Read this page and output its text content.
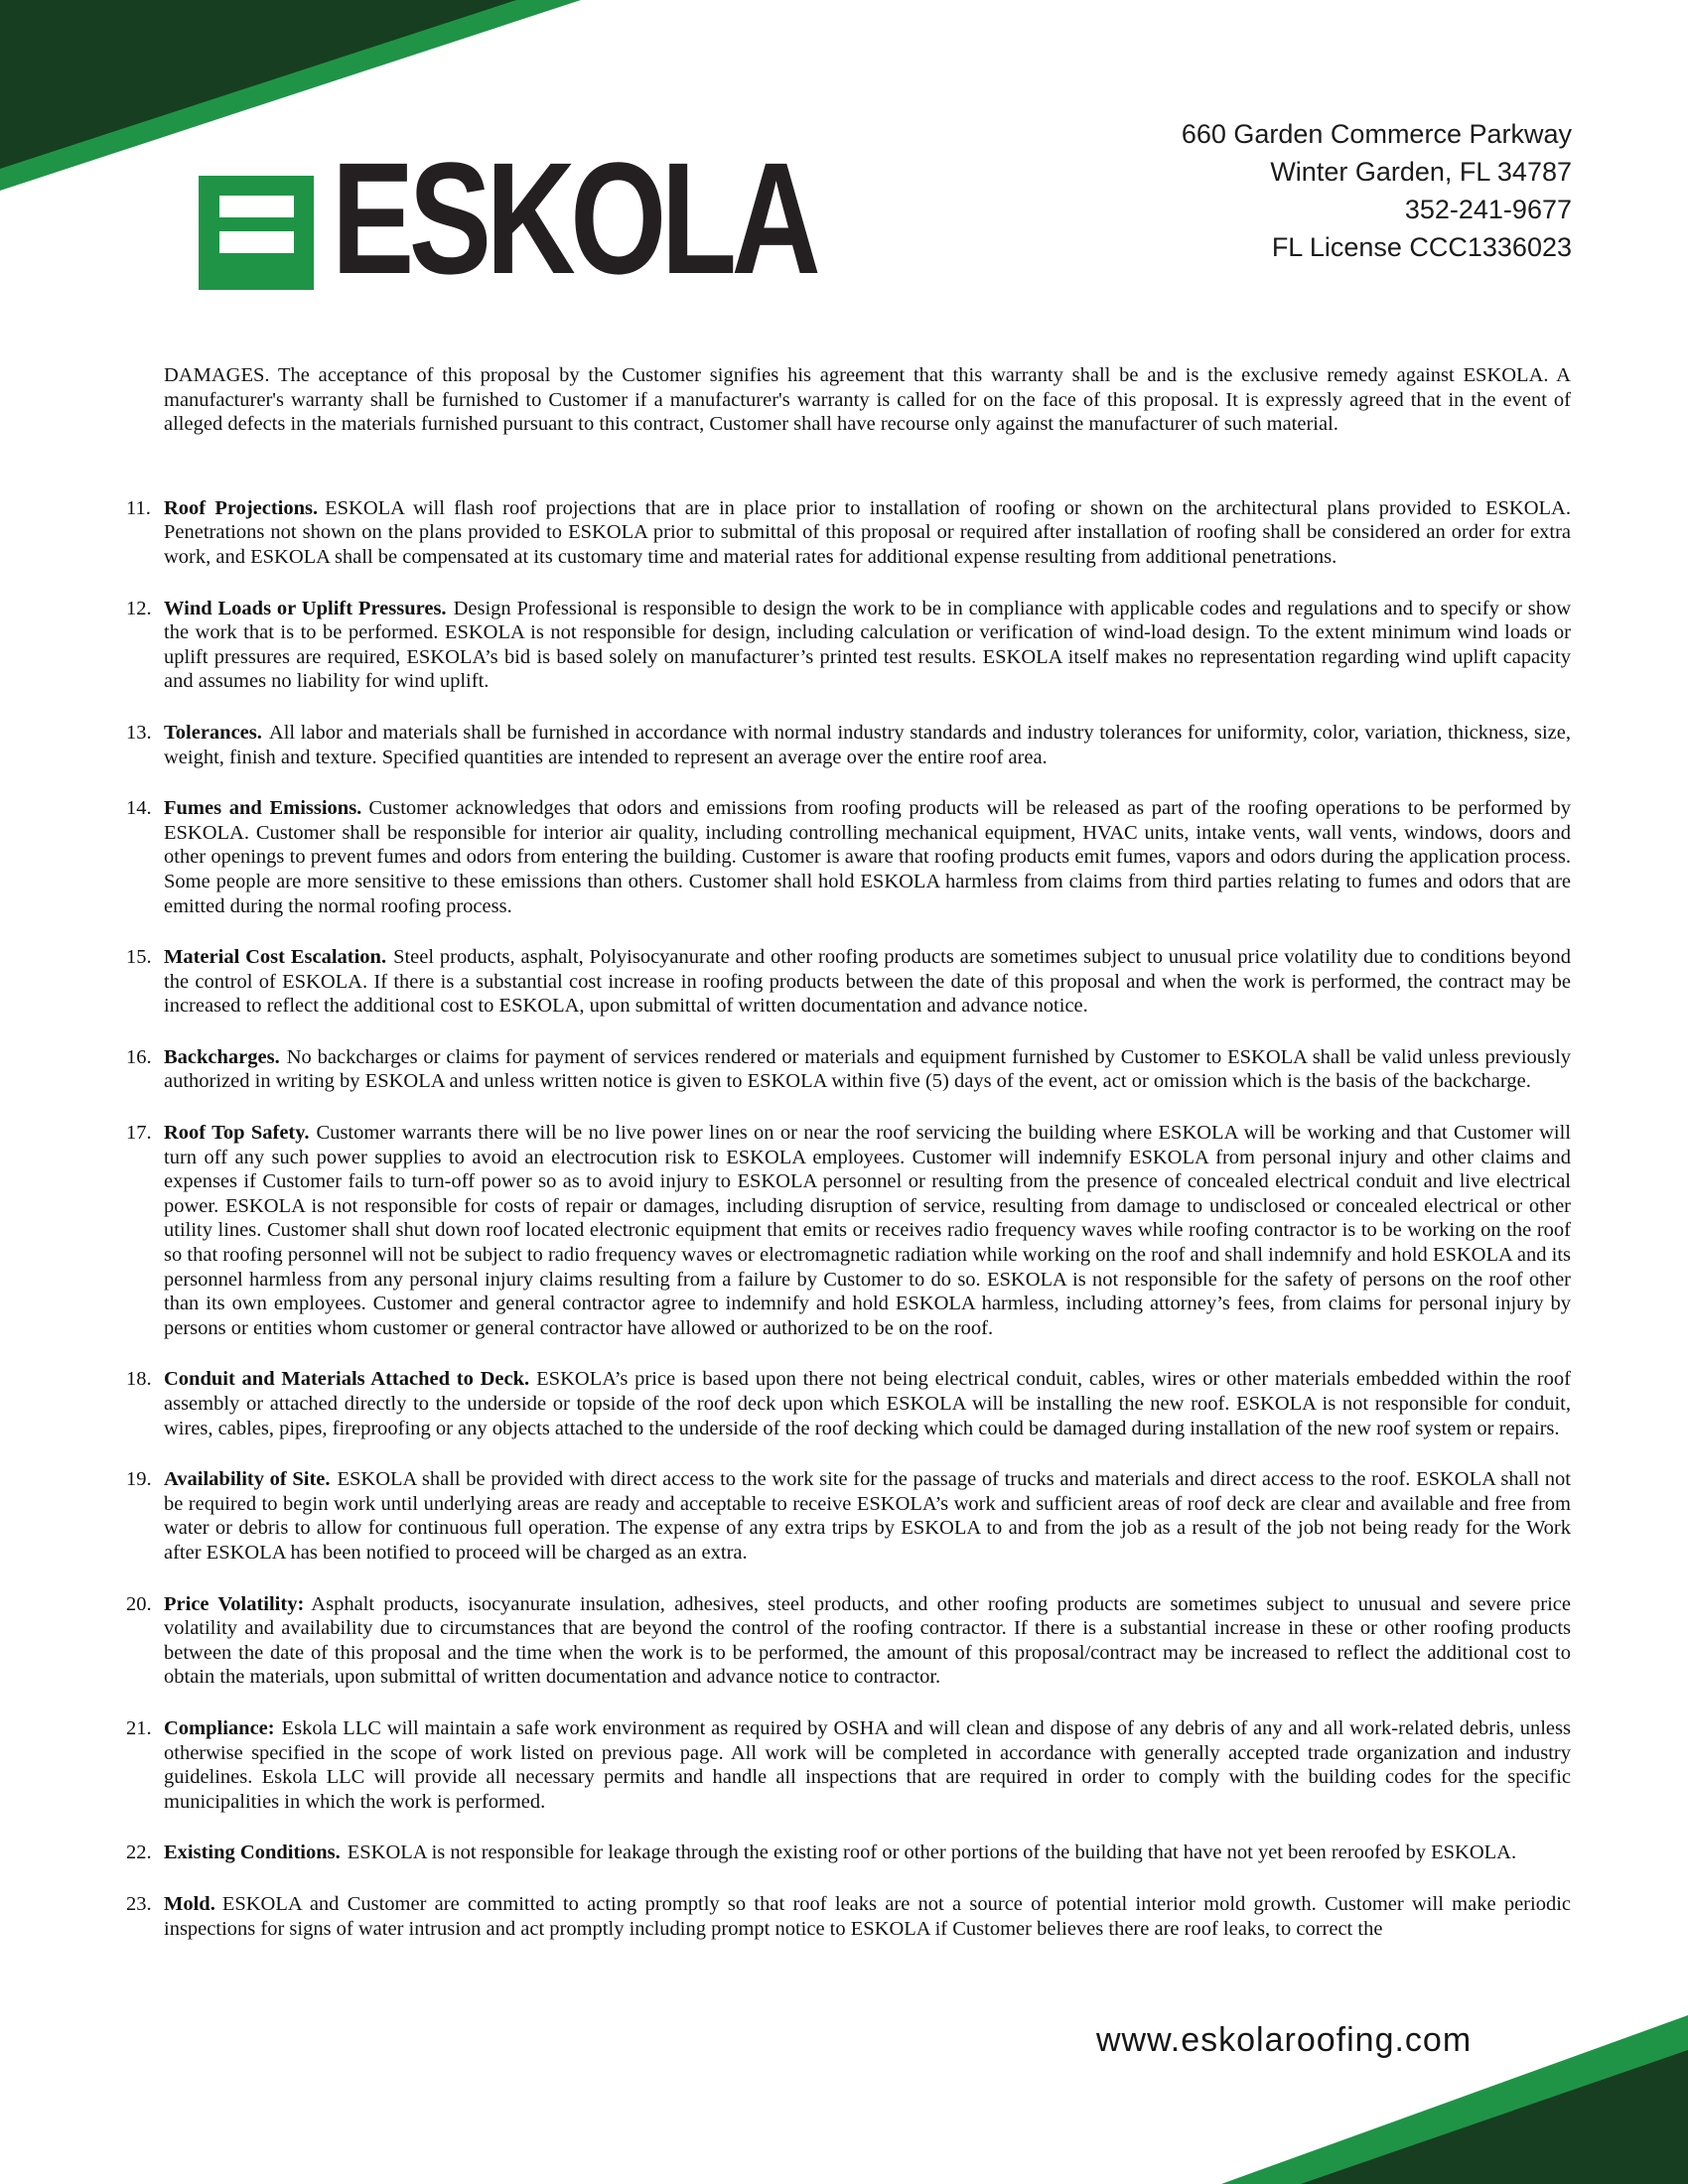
ESKOLA	660 Garden Commerce Parkway
Winter Garden, FL 34787
352-241-9677
FL License CCC1336023

DAMAGES. The acceptance of this proposal by the Customer signifies his agreement that this warranty shall be and is the exclusive remedy against ESKOLA. A manufacturer's warranty shall be furnished to Customer if a manufacturer's warranty is called for on the face of this proposal. It is expressly agreed that in the event of alleged defects in the materials furnished pursuant to this contract, Customer shall have recourse only against the manufacturer of such material.

11. Roof Projections. ESKOLA will flash roof projections that are in place prior to installation of roofing or shown on the architectural plans provided to ESKOLA. Penetrations not shown on the plans provided to ESKOLA prior to submittal of this proposal or required after installation of roofing shall be considered an order for extra work, and ESKOLA shall be compensated at its customary time and material rates for additional expense resulting from additional penetrations.

12. Wind Loads or Uplift Pressures. Design Professional is responsible to design the work to be in compliance with applicable codes and regulations and to specify or show the work that is to be performed. ESKOLA is not responsible for design, including calculation or verification of wind-load design. To the extent minimum wind loads or uplift pressures are required, ESKOLA’s bid is based solely on manufacturer’s printed test results. ESKOLA itself makes no representation regarding wind uplift capacity and assumes no liability for wind uplift.

13. Tolerances. All labor and materials shall be furnished in accordance with normal industry standards and industry tolerances for uniformity, color, variation, thickness, size, weight, finish and texture. Specified quantities are intended to represent an average over the entire roof area.

14. Fumes and Emissions. Customer acknowledges that odors and emissions from roofing products will be released as part of the roofing operations to be performed by ESKOLA. Customer shall be responsible for interior air quality, including controlling mechanical equipment, HVAC units, intake vents, wall vents, windows, doors and other openings to prevent fumes and odors from entering the building. Customer is aware that roofing products emit fumes, vapors and odors during the application process. Some people are more sensitive to these emissions than others. Customer shall hold ESKOLA harmless from claims from third parties relating to fumes and odors that are emitted during the normal roofing process.

15. Material Cost Escalation. Steel products, asphalt, Polyisocyanurate and other roofing products are sometimes subject to unusual price volatility due to conditions beyond the control of ESKOLA. If there is a substantial cost increase in roofing products between the date of this proposal and when the work is performed, the contract may be increased to reflect the additional cost to ESKOLA, upon submittal of written documentation and advance notice.

16. Backcharges. No backcharges or claims for payment of services rendered or materials and equipment furnished by Customer to ESKOLA shall be valid unless previously authorized in writing by ESKOLA and unless written notice is given to ESKOLA within five (5) days of the event, act or omission which is the basis of the backcharge.

17. Roof Top Safety. Customer warrants there will be no live power lines on or near the roof servicing the building where ESKOLA will be working and that Customer will turn off any such power supplies to avoid an electrocution risk to ESKOLA employees. Customer will indemnify ESKOLA from personal injury and other claims and expenses if Customer fails to turn-off power so as to avoid injury to ESKOLA personnel or resulting from the presence of concealed electrical conduit and live electrical power. ESKOLA is not responsible for costs of repair or damages, including disruption of service, resulting from damage to undisclosed or concealed electrical or other utility lines. Customer shall shut down roof located electronic equipment that emits or receives radio frequency waves while roofing contractor is to be working on the roof so that roofing personnel will not be subject to radio frequency waves or electromagnetic radiation while working on the roof and shall indemnify and hold ESKOLA and its personnel harmless from any personal injury claims resulting from a failure by Customer to do so. ESKOLA is not responsible for the safety of persons on the roof other than its own employees. Customer and general contractor agree to indemnify and hold ESKOLA harmless, including attorney’s fees, from claims for personal injury by persons or entities whom customer or general contractor have allowed or authorized to be on the roof.

18. Conduit and Materials Attached to Deck. ESKOLA’s price is based upon there not being electrical conduit, cables, wires or other materials embedded within the roof assembly or attached directly to the underside or topside of the roof deck upon which ESKOLA will be installing the new roof. ESKOLA is not responsible for conduit, wires, cables, pipes, fireproofing or any objects attached to the underside of the roof decking which could be damaged during installation of the new roof system or repairs.

19. Availability of Site. ESKOLA shall be provided with direct access to the work site for the passage of trucks and materials and direct access to the roof. ESKOLA shall not be required to begin work until underlying areas are ready and acceptable to receive ESKOLA’s work and sufficient areas of roof deck are clear and available and free from water or debris to allow for continuous full operation. The expense of any extra trips by ESKOLA to and from the job as a result of the job not being ready for the Work after ESKOLA has been notified to proceed will be charged as an extra.

20. Price Volatility: Asphalt products, isocyanurate insulation, adhesives, steel products, and other roofing products are sometimes subject to unusual and severe price volatility and availability due to circumstances that are beyond the control of the roofing contractor. If there is a substantial increase in these or other roofing products between the date of this proposal and the time when the work is to be performed, the amount of this proposal/contract may be increased to reflect the additional cost to obtain the materials, upon submittal of written documentation and advance notice to contractor.

21. Compliance: Eskola LLC will maintain a safe work environment as required by OSHA and will clean and dispose of any debris of any and all work-related debris, unless otherwise specified in the scope of work listed on previous page. All work will be completed in accordance with generally accepted trade organization and industry guidelines. Eskola LLC will provide all necessary permits and handle all inspections that are required in order to comply with the building codes for the specific municipalities in which the work is performed.

22. Existing Conditions. ESKOLA is not responsible for leakage through the existing roof or other portions of the building that have not yet been reroofed by ESKOLA.

23. Mold. ESKOLA and Customer are committed to acting promptly so that roof leaks are not a source of potential interior mold growth. Customer will make periodic inspections for signs of water intrusion and act promptly including prompt notice to ESKOLA if Customer believes there are roof leaks, to correct the

www.eskolaroofing.com
